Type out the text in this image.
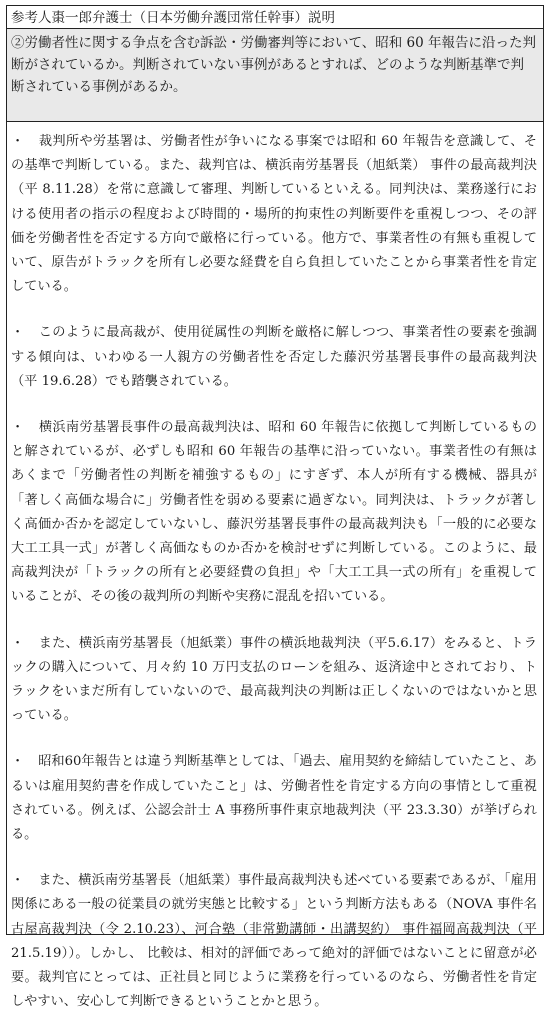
参考人棗一郎弁護士（日本労働弁護団常任幹事）説明
②労働者性に関する争点を含む訴訟・労働審判等において、昭和 60 年報告に沿った判断がされているか。判断されていない事例があるとすれば、どのような判断基準で判断されている事例があるか。

・　裁判所や労基署は、労働者性が争いになる事案では昭和 60 年報告を意識して、その基準で判断している。また、裁判官は、横浜南労基署長（旭紙業） 事件の最高裁判決（平 8.11.28）を常に意識して審理、判断しているといえる。同判決は、業務遂行における使用者の指示の程度および時間的・場所的拘束性の判断要件を重視しつつ、その評価を労働者性を否定する方向で厳格に行っている。他方で、事業者性の有無も重視していて、原告がトラックを所有し必要な経費を自ら負担していたことから事業者性を肯定している。

・　このように最高裁が、使用従属性の判断を厳格に解しつつ、事業者性の要素を強調する傾向は、いわゆる一人親方の労働者性を否定した藤沢労基署長事件の最高裁判決（平 19.6.28）でも踏襲されている。

・　横浜南労基署長事件の最高裁判決は、昭和 60 年報告に依拠して判断しているものと解されているが、必ずしも昭和 60 年報告の基準に沿っていない。事業者性の有無はあくまで「労働者性の判断を補強するもの」にすぎず、本人が所有する機械、器具が「著しく高価な場合に」労働者性を弱める要素に過ぎない。同判決は、トラックが著しく高価か否かを認定していないし、藤沢労基署長事件の最高裁判決も「一般的に必要な大工工具一式」が著しく高価なものか否かを検討せずに判断している。このように、最高裁判決が「トラックの所有と必要経費の負担」や「大工工具一式の所有」を重視していることが、その後の裁判所の判断や実務に混乱を招いている。

・　また、横浜南労基署長（旭紙業）事件の横浜地裁判決（平5.6.17）をみると、トラックの購入について、月々約 10 万円支払のローンを組み、返済途中とされており、トラックをいまだ所有していないので、最高裁判決の判断は正しくないのではないかと思っている。

・　昭和60年報告とは違う判断基準としては、「過去、雇用契約を締結していたこと、あるいは雇用契約書を作成していたこと」は、労働者性を肯定する方向の事情として重視されている。例えば、公認会計士 A 事務所事件東京地裁判決（平 23.3.30）が挙げられる。

・　また、横浜南労基署長（旭紙業）事件最高裁判決も述べている要素であるが、「雇用関係にある一般の従業員の就労実態と比較する」という判断方法もある（NOVA 事件名古屋高裁判決（令 2.10.23）、河合塾（非常勤講師・出講契約） 事件福岡高裁判決（平 21.5.19））。しかし、 比較は、相対的評価であって絶対的評価ではないことに留意が必要。裁判官にとっては、正社員と同じように業務を行っているのなら、労働者性を肯定しやすい、安心して判断できるということかと思う。
